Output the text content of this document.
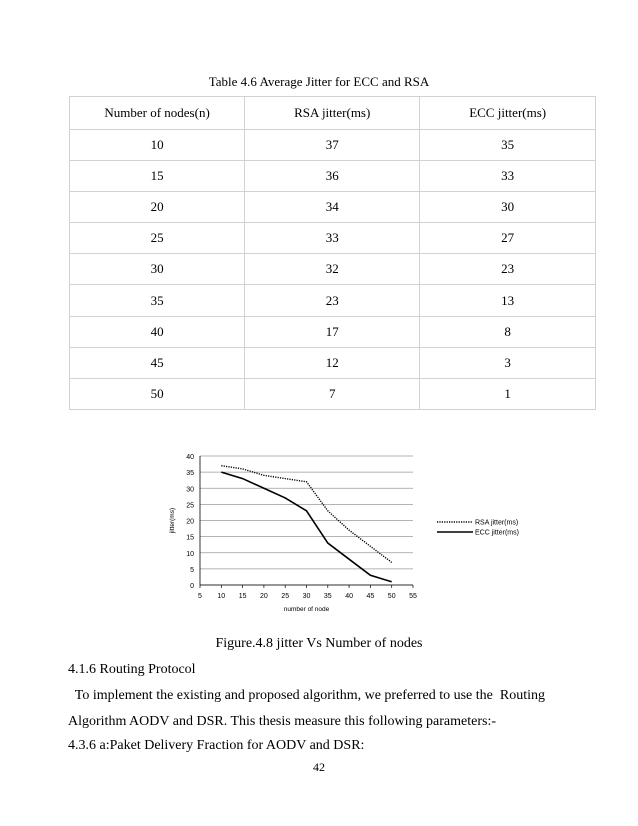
Table 4.6 Average Jitter for ECC and RSA
Number of nodes(n)	RSA jitter(ms)	ECC jitter(ms)
10	37	35
15	36	33
20	34	30
25	33	27
30	32	23
35	23	13
40	17	8
45	12	3
50	7	1
0
5
10
15
20
25
30
35
40
5 10 15 20 25 30 35 40 45 50 55
number of node
jitter(ms)	RSA jitter(ms)
ECC jitter(ms)
Figure.4.8 jitter Vs Number of nodes
4.1.6 Routing Protocol
To implement the existing and proposed algorithm, we preferred to use the  Routing
Algorithm AODV and DSR. This thesis measure this following parameters:-
4.3.6 a:Paket Delivery Fraction for AODV and DSR:
42
